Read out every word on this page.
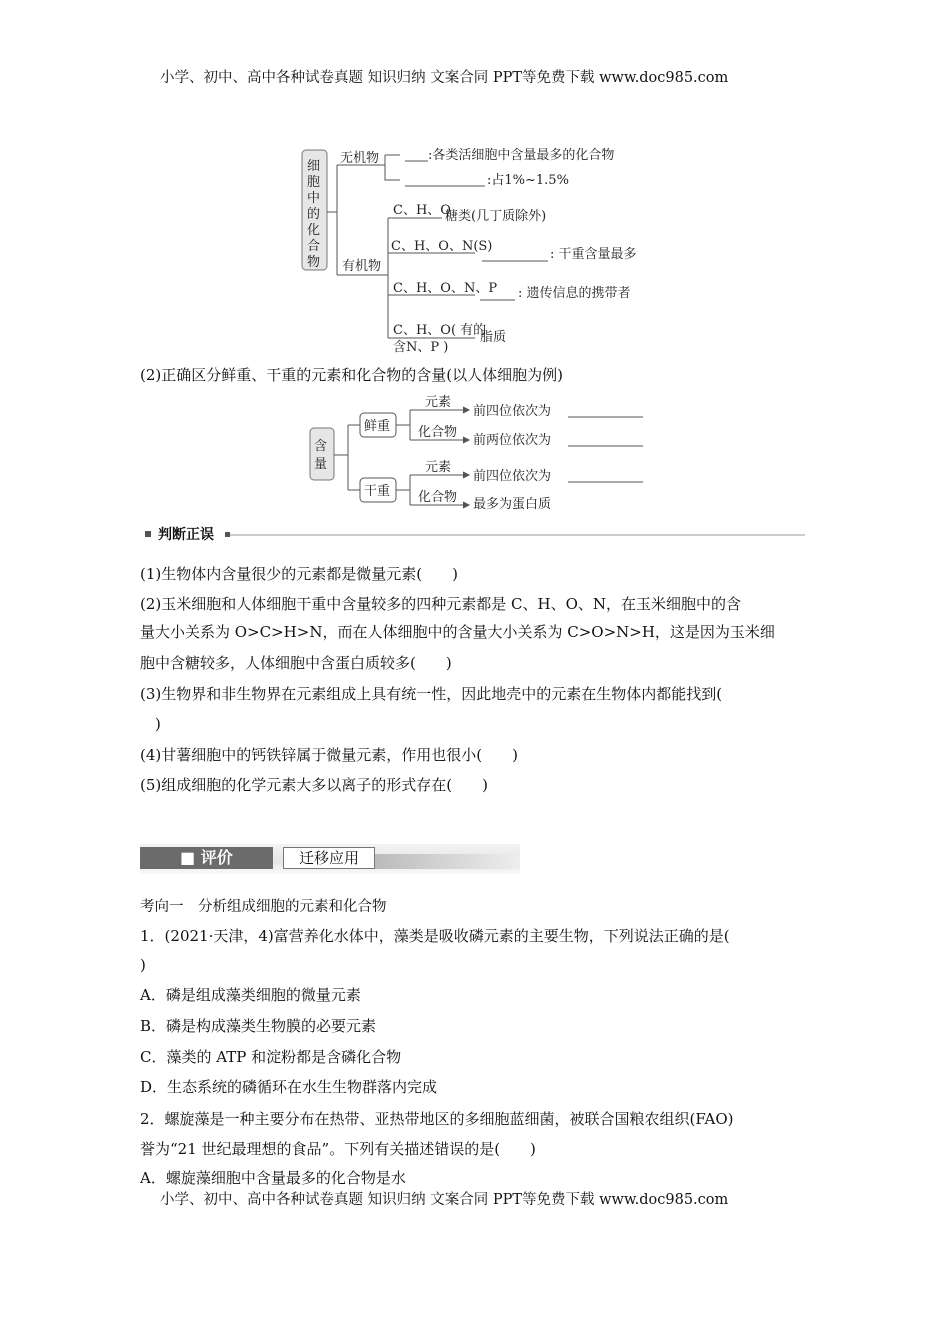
小学、初中、高中各种试卷真题 知识归纳 文案合同 PPT等免费下载 www.doc985.com
细
胞
中
的
化
合
物
无机物
有机物
:各类活细胞中含量最多的化合物
:占1%~1.5%
C、H、O
糖类(几丁质除外)
C、H、O、N(S)
: 干重含量最多
C、H、O、N、P : 遗传信息的携带者
C、H、O( 有的
含N、P )
脂质
含
量
鲜重
干重
元素
化合物
元素
化合物
前四位依次为
前两位依次为
前四位依次为
最多为蛋白质
(2)正确区分鲜重、干重的元素和化合物的含量(以人体细胞为例)
判断正误
(1)生物体内含量很少的元素都是微量元素(　　)
(2)玉米细胞和人体细胞干重中含量较多的四种元素都是 C、H、O、N，在玉米细胞中的含
量大小关系为 O>C>H>N，而在人体细胞中的含量大小关系为 C>O>N>H，这是因为玉米细
胞中含糖较多，人体细胞中含蛋白质较多(　　)
(3)生物界和非生物界在元素组成上具有统一性，因此地壳中的元素在生物体内都能找到(
　)
(4)甘薯细胞中的钙铁锌属于微量元素，作用也很小(　　)
(5)组成细胞的化学元素大多以离子的形式存在(　　)
■ 评价	迁移应用
考向一　分析组成细胞的元素和化合物
1．(2021·天津，4)富营养化水体中，藻类是吸收磷元素的主要生物，下列说法正确的是(
)
A．磷是组成藻类细胞的微量元素
B．磷是构成藻类生物膜的必要元素
C．藻类的 ATP 和淀粉都是含磷化合物
D．生态系统的磷循环在水生生物群落内完成
2．螺旋藻是一种主要分布在热带、亚热带地区的多细胞蓝细菌，被联合国粮农组织(FAO)
誉为“21 世纪最理想的食品”。下列有关描述错误的是(　　)
A．螺旋藻细胞中含量最多的化合物是水
小学、初中、高中各种试卷真题 知识归纳 文案合同 PPT等免费下载 www.doc985.com
